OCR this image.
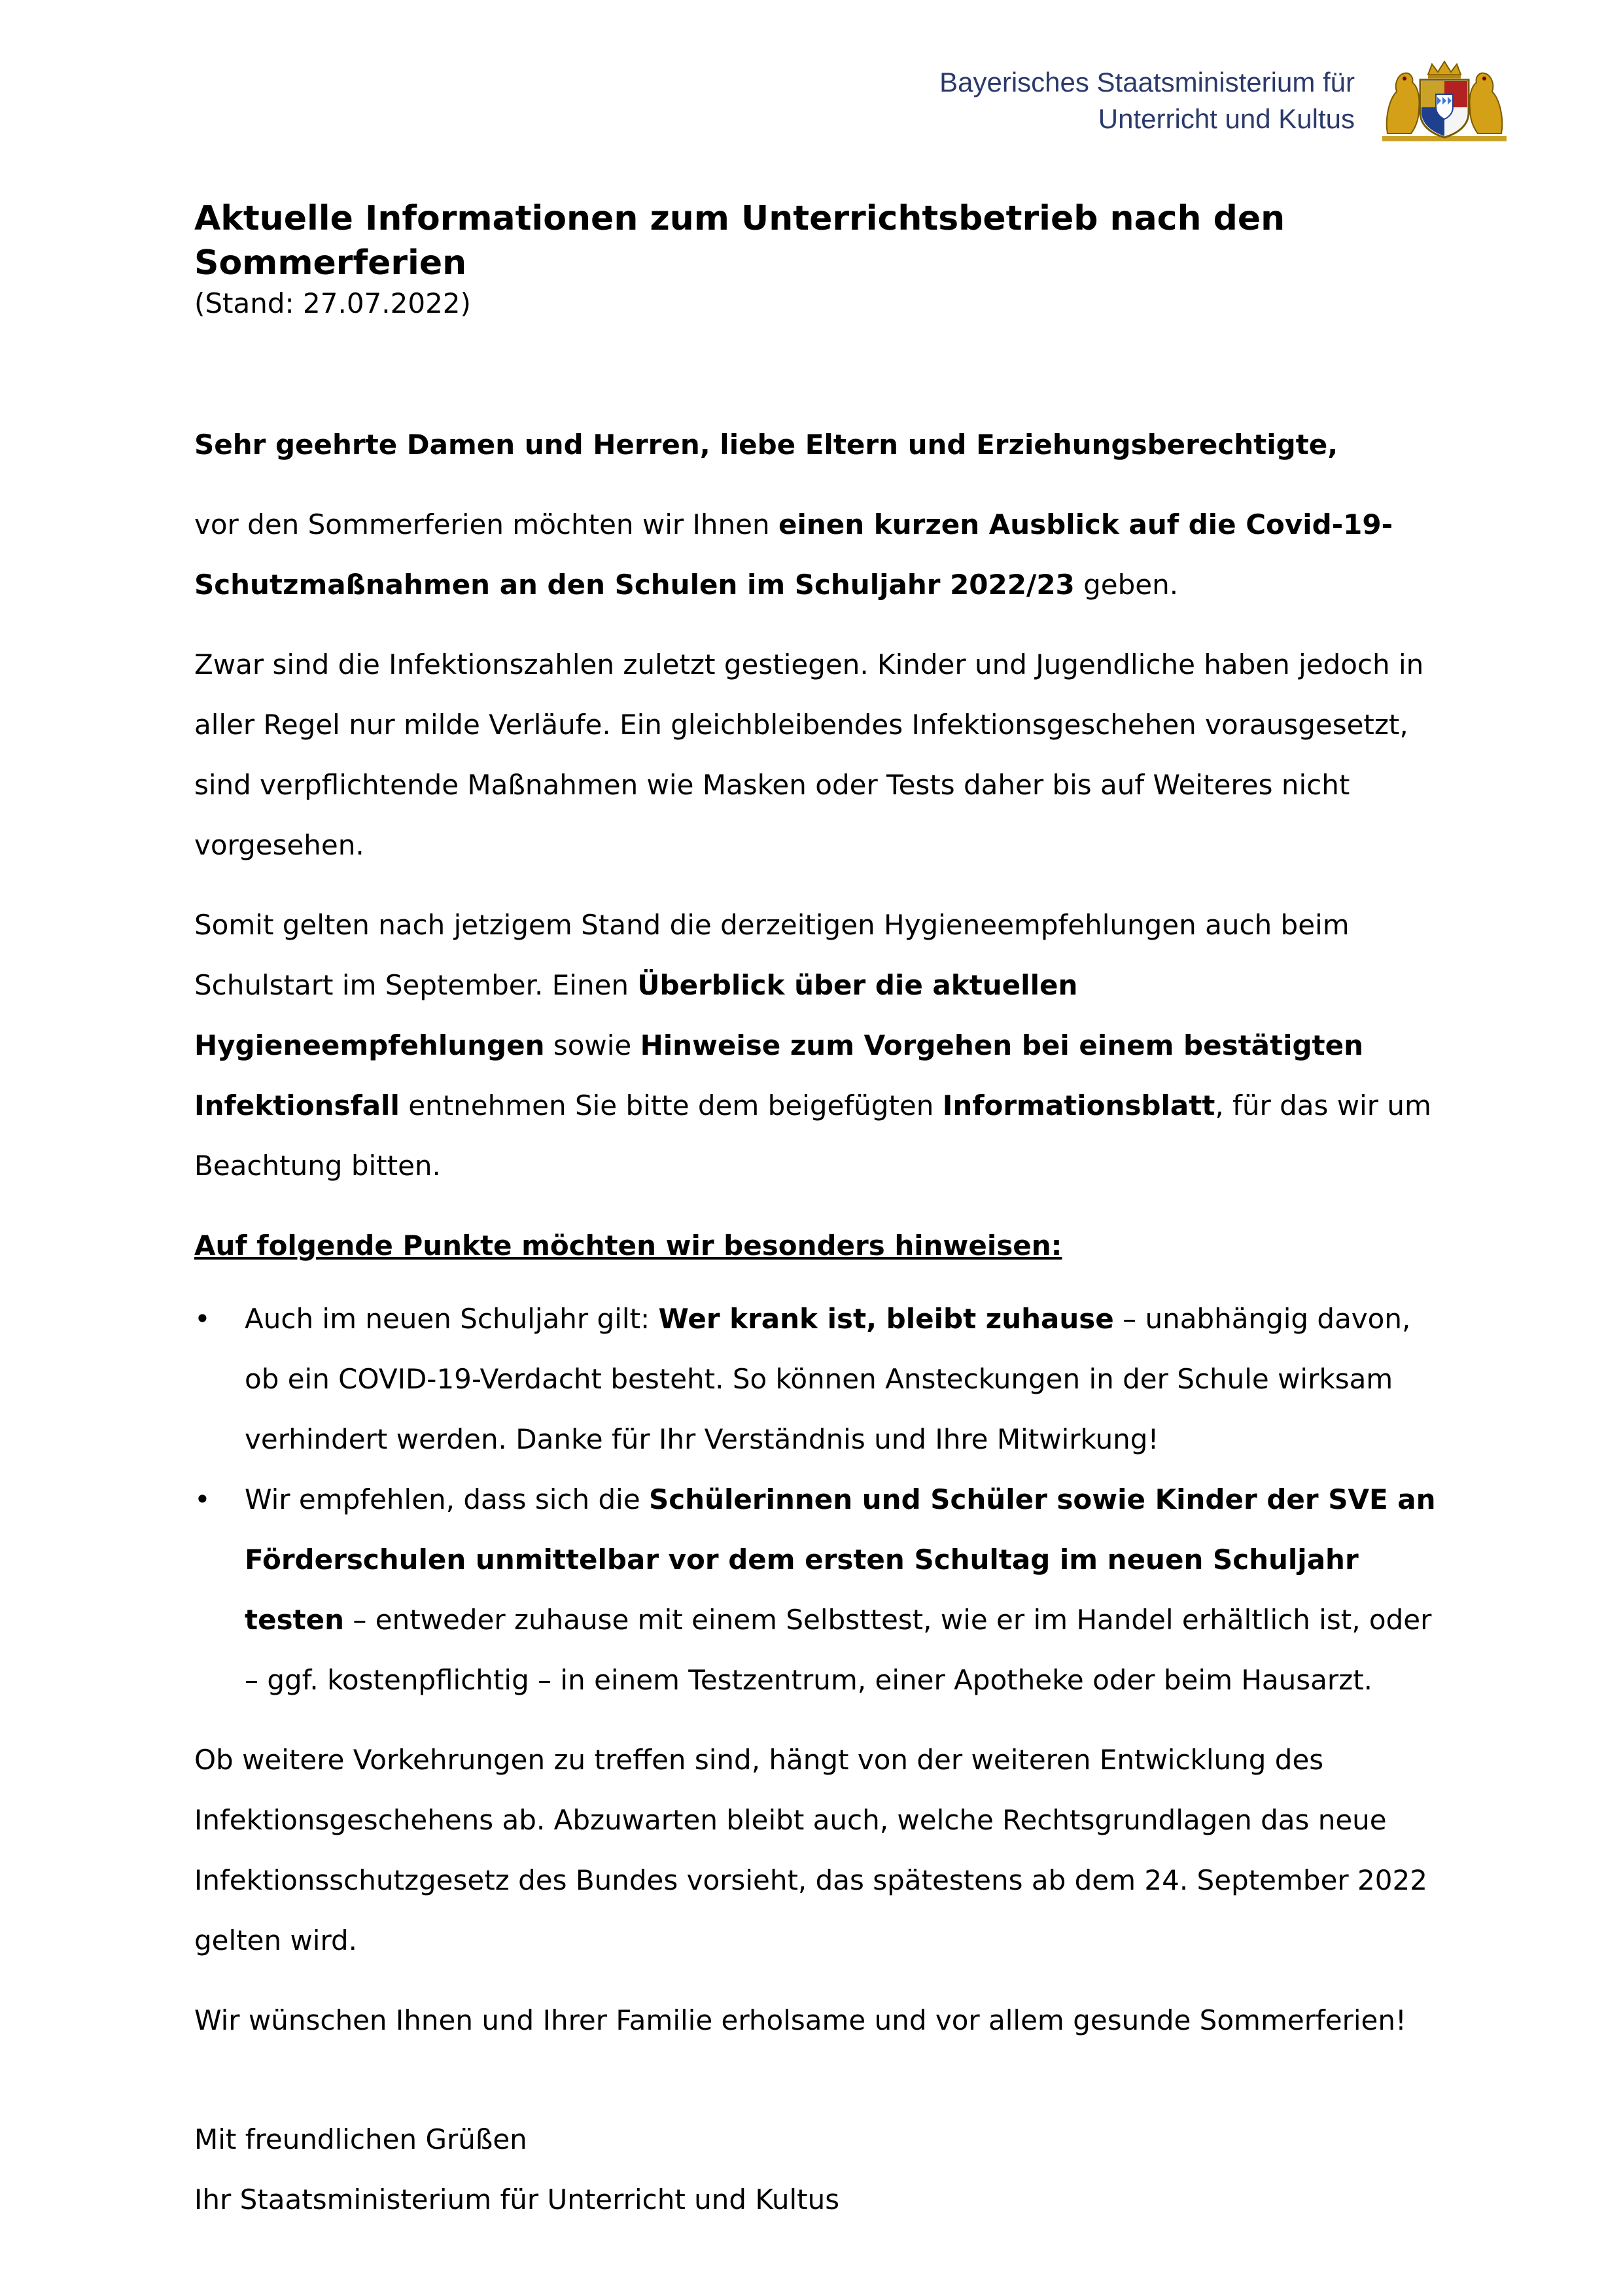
Bayerisches Staatsministerium für
Unterricht und Kultus
Aktuelle Informationen zum Unterrichtsbetrieb nach den Sommerferien
(Stand: 27.07.2022)

Sehr geehrte Damen und Herren, liebe Eltern und Erziehungsberechtigte,

vor den Sommerferien möchten wir Ihnen einen kurzen Ausblick auf die Covid-19-Schutzmaßnahmen an den Schulen im Schuljahr 2022/23 geben.

Zwar sind die Infektionszahlen zuletzt gestiegen. Kinder und Jugendliche haben jedoch in aller Regel nur milde Verläufe. Ein gleichbleibendes Infektionsgeschehen vorausgesetzt, sind verpflichtende Maßnahmen wie Masken oder Tests daher bis auf Weiteres nicht vorgesehen.

Somit gelten nach jetzigem Stand die derzeitigen Hygieneempfehlungen auch beim Schulstart im September. Einen Überblick über die aktuellen Hygieneempfehlungen sowie Hinweise zum Vorgehen bei einem bestätigten Infektionsfall entnehmen Sie bitte dem beigefügten Informationsblatt, für das wir um Beachtung bitten.

Auf folgende Punkte möchten wir besonders hinweisen:

• Auch im neuen Schuljahr gilt: Wer krank ist, bleibt zuhause – unabhängig davon, ob ein COVID-19-Verdacht besteht. So können Ansteckungen in der Schule wirksam verhindert werden. Danke für Ihr Verständnis und Ihre Mitwirkung!
• Wir empfehlen, dass sich die Schülerinnen und Schüler sowie Kinder der SVE an Förderschulen unmittelbar vor dem ersten Schultag im neuen Schuljahr testen – entweder zuhause mit einem Selbsttest, wie er im Handel erhältlich ist, oder – ggf. kostenpflichtig – in einem Testzentrum, einer Apotheke oder beim Hausarzt.

Ob weitere Vorkehrungen zu treffen sind, hängt von der weiteren Entwicklung des Infektionsgeschehens ab. Abzuwarten bleibt auch, welche Rechtsgrundlagen das neue Infektionsschutzgesetz des Bundes vorsieht, das spätestens ab dem 24. September 2022 gelten wird.

Wir wünschen Ihnen und Ihrer Familie erholsame und vor allem gesunde Sommerferien!

Mit freundlichen Grüßen
Ihr Staatsministerium für Unterricht und Kultus
